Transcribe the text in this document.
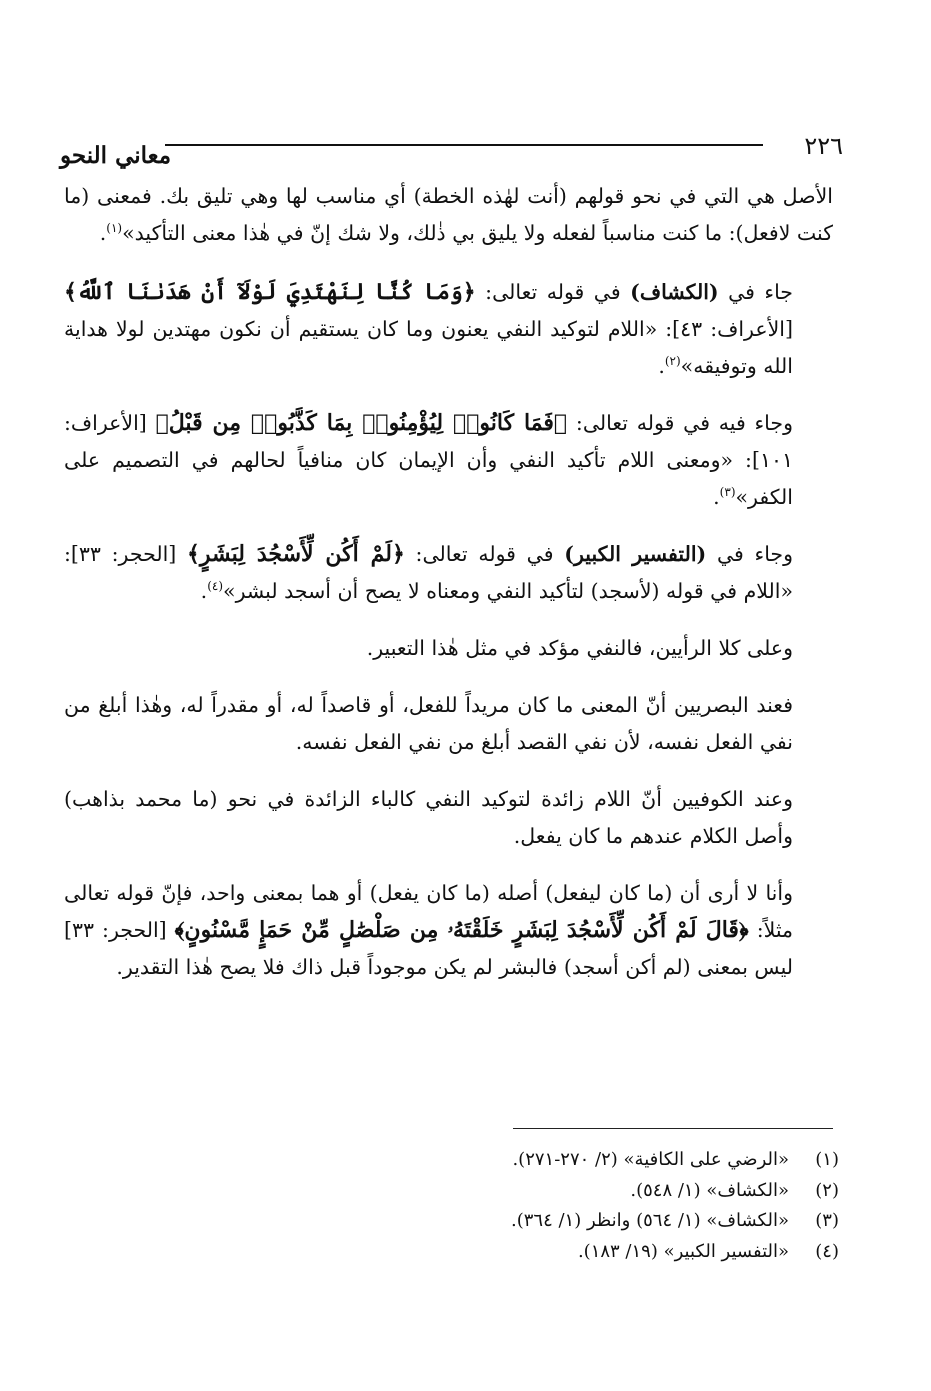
٢٢٦
معاني النحو

الأصل هي التي في نحو قولهم (أنت لهٰذه الخطة) أي مناسب لها وهي تليق بك. فمعنى (ما كنت لافعل): ما كنت مناسباً لفعله ولا يليق بي ذٰلك، ولا شك إنّ في هٰذا معنى التأكيد»$^{(١)}$.

جاء في (الكشاف) في قوله تعالى: ﴿وَمَا كُنَّا لِنَهْتَدِيَ لَوْلَآ أَنْ هَدَىٰنَا ٱللَّهُ﴾ [الأعراف: ٤٣]: «اللام لتوكيد النفي يعنون وما كان يستقيم أن نكون مهتدين لولا هداية الله وتوفيقه»$^{(٢)}$.

وجاء فيه في قوله تعالى: ﴿فَمَا كَانُوا۟ لِيُؤْمِنُوا۟ بِمَا كَذَّبُوا۟ مِن قَبْلُ﴾ [الأعراف: ١٠١]: «ومعنى اللام تأكيد النفي وأن الإيمان كان منافياً لحالهم في التصميم على الكفر»$^{(٣)}$.

وجاء في (التفسير الكبير) في قوله تعالى: ﴿لَمْ أَكُن لِّأَسْجُدَ لِبَشَرٍ﴾ [الحجر: ٣٣]: «اللام في قوله (لأسجد) لتأكيد النفي ومعناه لا يصح أن أسجد لبشر»$^{(٤)}$.

وعلى كلا الرأيين، فالنفي مؤكد في مثل هٰذا التعبير.

فعند البصريين أنّ المعنى ما كان مريداً للفعل، أو قاصداً له، أو مقدراً له، وهٰذا أبلغ من نفي الفعل نفسه، لأن نفي القصد أبلغ من نفي الفعل نفسه.

وعند الكوفيين أنّ اللام زائدة لتوكيد النفي كالباء الزائدة في نحو (ما محمد بذاهب) وأصل الكلام عندهم ما كان يفعل.

وأنا لا أرى أن (ما كان ليفعل) أصله (ما كان يفعل) أو هما بمعنى واحد، فإنّ قوله تعالى مثلاً: ﴿قَالَ لَمْ أَكُن لِّأَسْجُدَ لِبَشَرٍ خَلَقْتَهُۥ مِن صَلْصَٰلٍ مِّنْ حَمَإٍ مَّسْنُونٍ﴾ [الحجر: ٣٣] ليس بمعنى (لم أكن أسجد) فالبشر لم يكن موجوداً قبل ذاك فلا يصح هٰذا التقدير.

(١)
«الرضي على الكافية» (٢/ ٢٧٠-٢٧١).
(٢)
«الكشاف» (١/ ٥٤٨).
(٣)
«الكشاف» (١/ ٥٦٤) وانظر (١/ ٣٦٤).
(٤)
«التفسير الكبير» (١٩/ ١٨٣).
